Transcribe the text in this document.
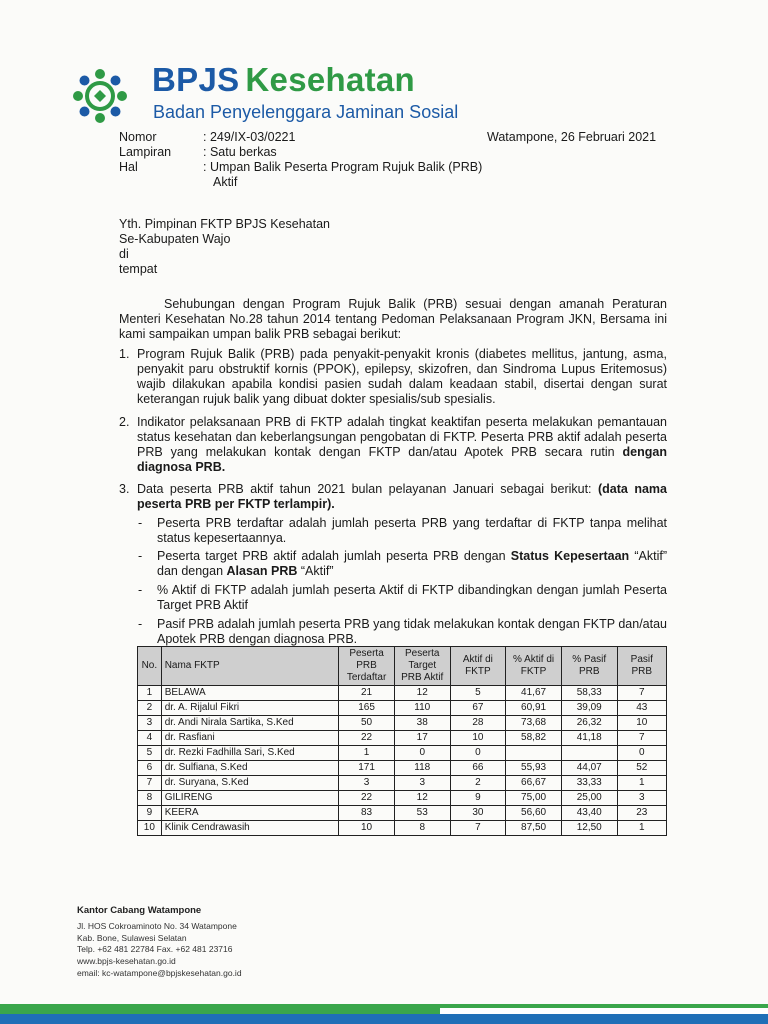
BPJS Kesehatan
Badan Penyelenggara Jaminan Sosial
Nomor	: 249/IX-03/0221	Watampone, 26 Februari 2021
Lampiran	: Satu berkas
Hal	: Umpan Balik Peserta Program Rujuk Balik (PRB)
Aktif
Yth. Pimpinan FKTP BPJS Kesehatan
Se-Kabupaten Wajo
di
tempat
Sehubungan dengan Program Rujuk Balik (PRB) sesuai dengan amanah Peraturan Menteri Kesehatan No.28 tahun 2014 tentang Pedoman Pelaksanaan Program JKN, Bersama ini kami sampaikan umpan balik PRB sebagai berikut:
1. Program Rujuk Balik (PRB) pada penyakit-penyakit kronis (diabetes mellitus, jantung, asma, penyakit paru obstruktif kornis (PPOK), epilepsy, skizofren, dan Sindroma Lupus Eritemosus) wajib dilakukan apabila kondisi pasien sudah dalam keadaan stabil, disertai dengan surat keterangan rujuk balik yang dibuat dokter spesialis/sub spesialis.
2. Indikator pelaksanaan PRB di FKTP adalah tingkat keaktifan peserta melakukan pemantauan status kesehatan dan keberlangsungan pengobatan di FKTP. Peserta PRB aktif adalah peserta PRB yang melakukan kontak dengan FKTP dan/atau Apotek PRB secara rutin dengan diagnosa PRB.
3. Data peserta PRB aktif tahun 2021 bulan pelayanan Januari sebagai berikut: (data nama peserta PRB per FKTP terlampir).
- Peserta PRB terdaftar adalah jumlah peserta PRB yang terdaftar di FKTP tanpa melihat status kepesertaannya.
- Peserta target PRB aktif adalah jumlah peserta PRB dengan Status Kepesertaan “Aktif” dan dengan Alasan PRB “Aktif”
- % Aktif di FKTP adalah jumlah peserta Aktif di FKTP dibandingkan dengan jumlah Peserta Target PRB Aktif
- Pasif PRB adalah jumlah peserta PRB yang tidak melakukan kontak dengan FKTP dan/atau Apotek PRB dengan diagnosa PRB.
No.	Nama FKTP	Peserta PRB Terdaftar	Peserta Target PRB Aktif	Aktif di FKTP	% Aktif di FKTP	% Pasif PRB	Pasif PRB
1	BELAWA	21	12	5	41,67	58,33	7
2	dr. A. Rijalul Fikri	165	110	67	60,91	39,09	43
3	dr. Andi Nirala Sartika, S.Ked	50	38	28	73,68	26,32	10
4	dr. Rasfiani	22	17	10	58,82	41,18	7
5	dr. Rezki Fadhilla Sari, S.Ked	1	0	0			0
6	dr. Sulfiana, S.Ked	171	118	66	55,93	44,07	52
7	dr. Suryana, S.Ked	3	3	2	66,67	33,33	1
8	GILIRENG	22	12	9	75,00	25,00	3
9	KEERA	83	53	30	56,60	43,40	23
10	Klinik Cendrawasih	10	8	7	87,50	12,50	1
Kantor Cabang Watampone
Jl. HOS Cokroaminoto No. 34 Watampone
Kab. Bone, Sulawesi Selatan
Telp. +62 481 22784 Fax. +62 481 23716
www.bpjs-kesehatan.go.id
email: kc-watampone@bpjskesehatan.go.id
